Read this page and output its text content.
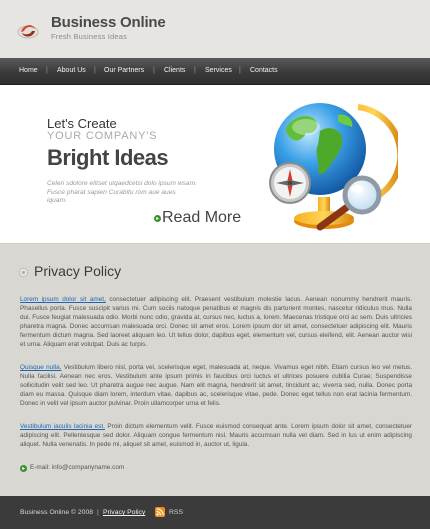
Business Online
Fresh Business Ideas
Home | About Us | Our Partners | Clients | Services | Contacts
Let's Create
YOUR COMPANY'S
Bright Ideas
Celeri sdolore elitset utqaedcetsi dolo ipsum wsam. Fusce pharat sapien Curabitu rom aue aues iquam.
Read More
Privacy Policy
Lorem ipsum dolor sit amet, consectetuer adipiscing elit. Praesent vestibulum molestie lacus. Aenean nonummy hendrerit mauris. Phasellus porta. Fusce suscipit varius mi. Cum sociis natoque penatibus et magnis dis parturient montes, nascetur ridiculus mus. Nulla dui. Fusce feugiat malesuada odio. Morbi nunc odio, gravida at, cursus nec, luctus a, lorem. Maecenas tristique orci ac sem. Duis ultricies pharetra magna. Donec accumsan malesuada orci. Donec sit amet eros. Lorem ipsum dor sit amet, consectetuer adipiscing elit. Mauris fermentum dictum magna. Sed laoreet aliquam leo. Ut tellus dolor, dapibus eget, elementum vel, cursus eleifend, elit. Aenean auctor wisi et urna. Aliquam erat volutpat. Duis ac turpis.
Quisque nulla. Vestibulum libero nisl, porta vel, scelerisque eget, malesuada at, neque. Vivamus eget nibh. Etiam cursus leo vel metus. Nulla facilisi. Aenean nec eros. Vestibulum ante ipsum primis in faucibus orci luctus et ultrices posuere cubilia Curae; Suspendisse sollicitudin velit sed leo. Ut pharetra augue nec augue. Nam elit magna, hendrerit sit amet, tincidunt ac, viverra sed, nulla. Donec porta diam eu massa. Quisque diam lorem, interdum vitae, dapibus ac, scelerisque vitae, pede. Donec eget tellus non erat lacinia fermentum. Donec in velit vel ipsum auctor pulvinar. Proin ullamcorper urna et felis.
Vestibulum iaculis lacinia est. Proin dictum elementum velit. Fusce euismod consequat ante. Lorem ipsum dolor sit amet, consectetuer adipiscing elit. Pellentesque sed dolor. Aliquam congue fermentum nisl. Mauris accumsan nulla vel diam. Sed in lus ut enim adipiscing aliquet. Nulla venenatis. In pede mi, aliquet sit amet, euismod in, auctor ut, ligula.
E-mail: info@companyname.com
Business Online © 2008 | Privacy Policy	RSS
